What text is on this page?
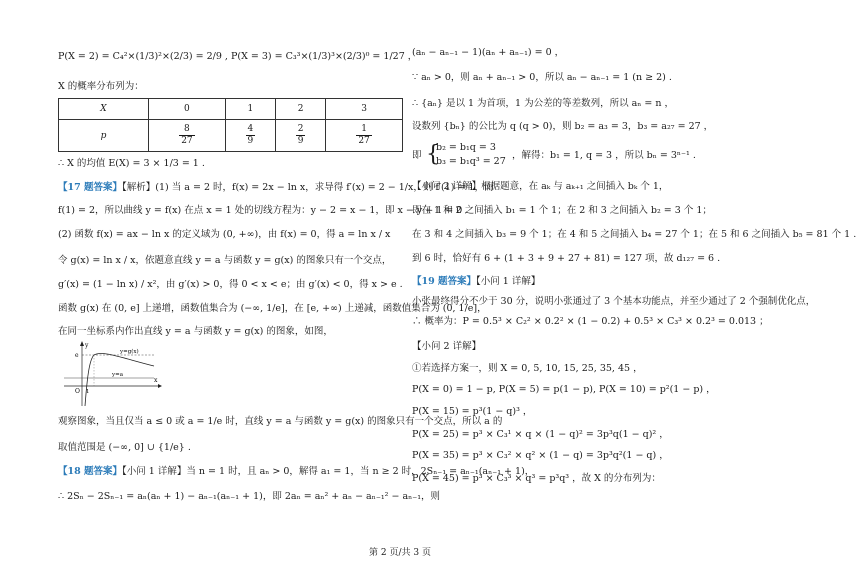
P(X = 2) = C₄²×(1/3)²×(2/3) = 2/9 , P(X = 3) = C₃³×(1/3)³×(2/3)⁰ = 1/27 ，
X 的概率分布列为：
X	0	1	2	3
p	$\frac{8}{27}$	$\frac{4}{9}$	$\frac{2}{9}$	$\frac{1}{27}$
∴ X 的均值 E(X) = 3 × 1/3 = 1 .
【17 题答案】【解析】(1) 当 a = 2 时，f(x) = 2x − ln x，求导得 f′(x) = 2 − 1/x，则 f′(1) = 1，而
f(1) = 2，所以曲线 y = f(x) 在点 x = 1 处的切线方程为：y − 2 = x − 1，即 x − y + 1 = 0 .
(2) 函数 f(x) = ax − ln x 的定义域为 (0, +∞)，由 f(x) = 0，得 a = ln x / x
令 g(x) = ln x / x，依题意直线 y = a 与函数 y = g(x) 的图象只有一个交点，
g′(x) = (1 − ln x) / x²，由 g′(x) > 0，得 0 < x < e；由 g′(x) < 0，得 x > e .
函数 g(x) 在 (0, e] 上递增，函数值集合为 (−∞, 1/e]，在 [e, +∞) 上递减，函数值集合为 (0, 1/e]，
在同一坐标系内作出直线 y = a 与函数 y = g(x) 的图象，如图，
e	y=g(x)
y=a
O 1
x
y
观察图象，当且仅当 a ≤ 0 或 a = 1/e 时，直线 y = a 与函数 y = g(x) 的图象只有一个交点，所以 a 的
取值范围是 (−∞, 0] ∪ {1/e} .
【18 题答案】【小问 1 详解】当 n = 1 时，且 aₙ > 0，解得 a₁ = 1，当 n ≥ 2 时，2Sₙ₋₁ = aₙ₋₁(aₙ₋₁ + 1)，
∴ 2Sₙ − 2Sₙ₋₁ = aₙ(aₙ + 1) − aₙ₋₁(aₙ₋₁ + 1)，即 2aₙ = aₙ² + aₙ − aₙ₋₁² − aₙ₋₁，则
(aₙ − aₙ₋₁ − 1)(aₙ + aₙ₋₁) = 0 ，
∵ aₙ > 0，则 aₙ + aₙ₋₁ > 0，所以 aₙ − aₙ₋₁ = 1 (n ≥ 2) .
∴ {aₙ} 是以 1 为首项，1 为公差的等差数列，所以 aₙ = n ，
设数列 {bₙ} 的公比为 q (q > 0)，则 b₂ = a₃ = 3，b₃ = a₂₇ = 27 ，
即 {
b₂ = b₁q = 3
b₃ = b₁q³ = 27
，解得：b₁ = 1, q = 3 ，所以 bₙ = 3ⁿ⁻¹ .
【小问 2 详解】根据题意，在 aₖ 与 aₖ₊₁ 之间插入 bₖ 个 1，
即在 1 和 2 之间插入 b₁ = 1 个 1；在 2 和 3 之间插入 b₂ = 3 个 1；
在 3 和 4 之间插入 b₃ = 9 个 1；在 4 和 5 之间插入 b₄ = 27 个 1；在 5 和 6 之间插入 b₅ = 81 个 1 .
到 6 时，恰好有 6 + (1 + 3 + 9 + 27 + 81) = 127 项，故 d₁₂₇ = 6 .
【19 题答案】【小问 1 详解】
小张最终得分不少于 30 分，说明小张通过了 3 个基本功能点，并至少通过了 2 个强制优化点，
∴ 概率为：P = 0.5³ × C₂² × 0.2² × (1 − 0.2) + 0.5³ × C₃³ × 0.2³ = 0.013 ；
【小问 2 详解】
①若选择方案一，则 X = 0, 5, 10, 15, 25, 35, 45 ，
P(X = 0) = 1 − p, P(X = 5) = p(1 − p), P(X = 10) = p²(1 − p) ，
P(X = 15) = p³(1 − q)³ ，
P(X = 25) = p³ × C₃¹ × q × (1 − q)² = 3p³q(1 − q)² ，
P(X = 35) = p³ × C₃² × q² × (1 − q) = 3p³q²(1 − q) ，
P(X = 45) = p³ × C₃³ × q³ = p³q³ ，故 X 的分布列为：
第 2 页/共 3 页
